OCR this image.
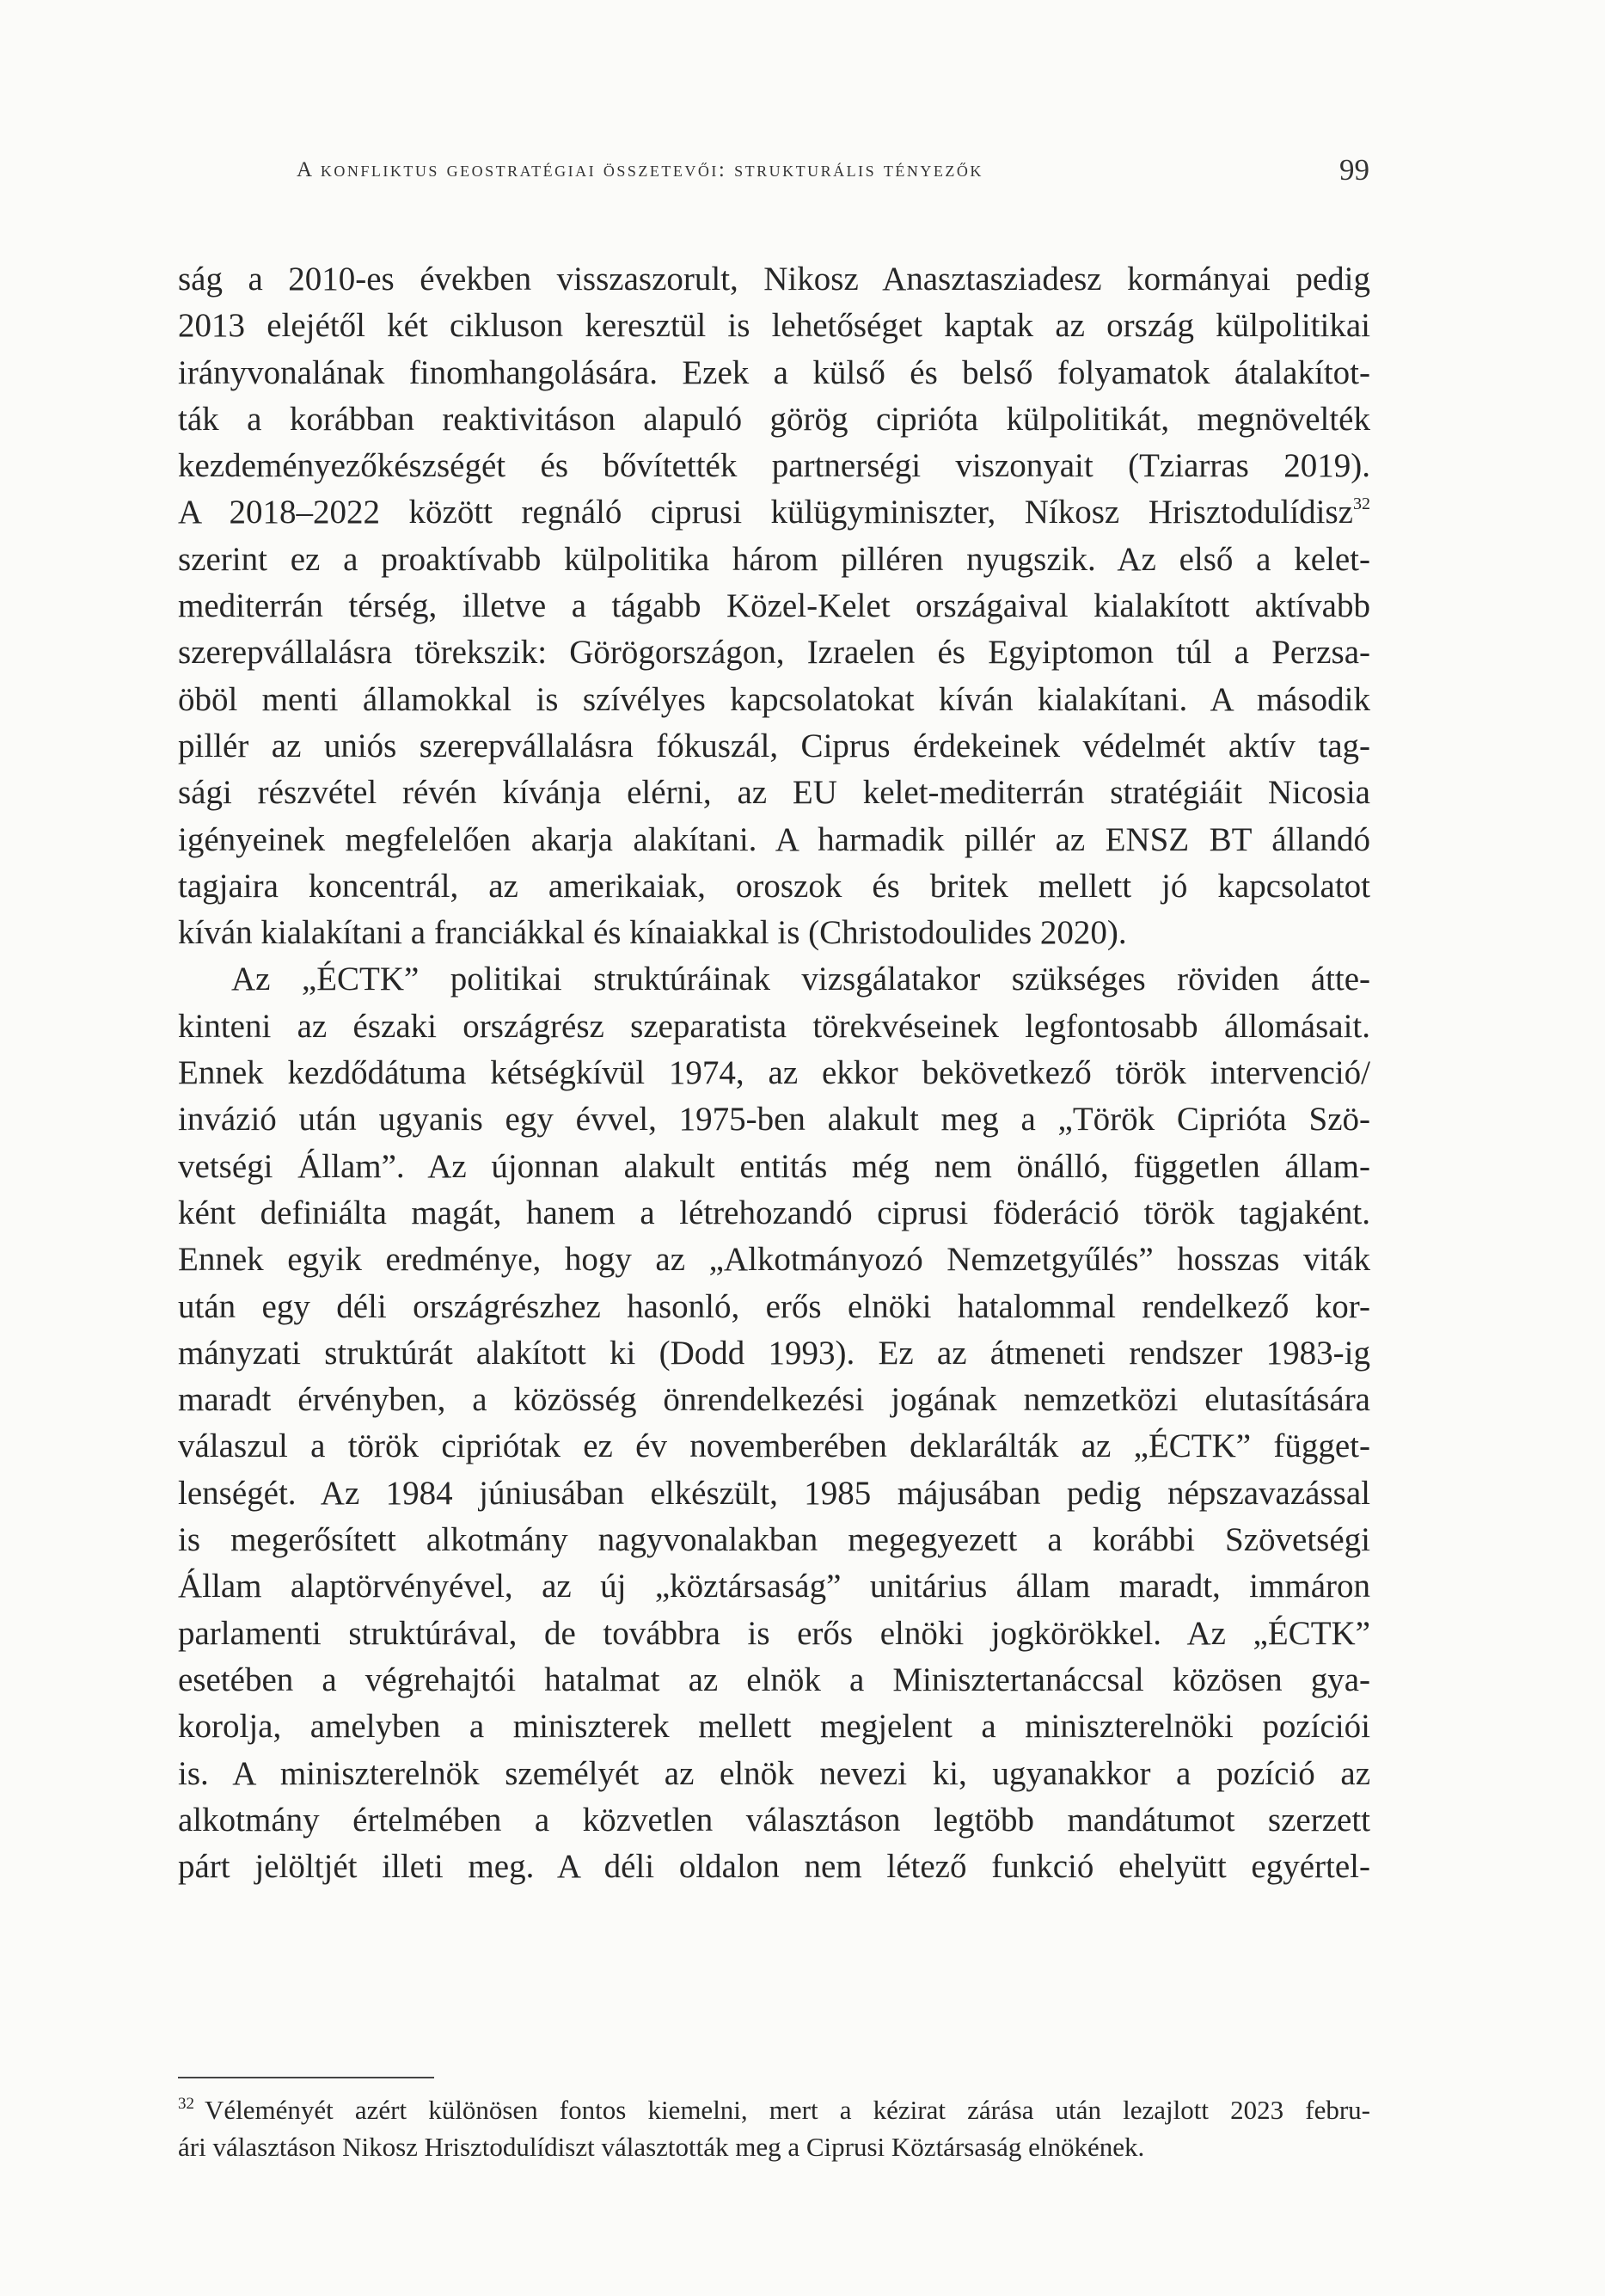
A konfliktus geostratégiai összetevői: strukturális tényezők	99
ság a 2010-es években visszaszorult, Nikosz Anasztasziadesz kormányai pedig
2013 elejétől két cikluson keresztül is lehetőséget kaptak az ország külpolitikai
irányvonalának finomhangolására. Ezek a külső és belső folyamatok átalakítot-
ták a korábban reaktivitáson alapuló görög ciprióta külpolitikát, megnövelték
kezdeményezőkészségét és bővítették partnerségi viszonyait (Tziarras 2019).
A 2018–2022 között regnáló ciprusi külügyminiszter, Níkosz Hrisztodulídisz$^{32}$
szerint ez a proaktívabb külpolitika három pilléren nyugszik. Az első a kelet-
mediterrán térség, illetve a tágabb Közel-Kelet országaival kialakított aktívabb
szerepvállalásra törekszik: Görögországon, Izraelen és Egyiptomon túl a Perzsa-
öböl menti államokkal is szívélyes kapcsolatokat kíván kialakítani. A második
pillér az uniós szerepvállalásra fókuszál, Ciprus érdekeinek védelmét aktív tag-
sági részvétel révén kívánja elérni, az EU kelet-mediterrán stratégiáit Nicosia
igényeinek megfelelően akarja alakítani. A harmadik pillér az ENSZ BT állandó
tagjaira koncentrál, az amerikaiak, oroszok és britek mellett jó kapcsolatot
kíván kialakítani a franciákkal és kínaiakkal is (Christodoulides 2020).
Az „ÉCTK” politikai struktúráinak vizsgálatakor szükséges röviden átte-
kinteni az északi országrész szeparatista törekvéseinek legfontosabb állomásait.
Ennek kezdődátuma kétségkívül 1974, az ekkor bekövetkező török intervenció/
invázió után ugyanis egy évvel, 1975-ben alakult meg a „Török Ciprióta Szö-
vetségi Állam”. Az újonnan alakult entitás még nem önálló, független állam-
ként definiálta magát, hanem a létrehozandó ciprusi föderáció török tagjaként.
Ennek egyik eredménye, hogy az „Alkotmányozó Nemzetgyűlés” hosszas viták
után egy déli országrészhez hasonló, erős elnöki hatalommal rendelkező kor-
mányzati struktúrát alakított ki (Dodd 1993). Ez az átmeneti rendszer 1983-ig
maradt érvényben, a közösség önrendelkezési jogának nemzetközi elutasítására
válaszul a török cipriótak ez év novemberében deklarálták az „ÉCTK” függet-
lenségét. Az 1984 júniusában elkészült, 1985 májusában pedig népszavazással
is megerősített alkotmány nagyvonalakban megegyezett a korábbi Szövetségi
Állam alaptörvényével, az új „köztársaság” unitárius állam maradt, immáron
parlamenti struktúrával, de továbbra is erős elnöki jogkörökkel. Az „ÉCTK”
esetében a végrehajtói hatalmat az elnök a Minisztertanáccsal közösen gya-
korolja, amelyben a miniszterek mellett megjelent a miniszterelnöki pozíciói
is. A miniszterelnök személyét az elnök nevezi ki, ugyanakkor a pozíció az
alkotmány értelmében a közvetlen választáson legtöbb mandátumot szerzett
párt jelöltjét illeti meg. A déli oldalon nem létező funkció ehelyütt egyértel-
$^{32}$ Véleményét azért különösen fontos kiemelni, mert a kézirat zárása után lezajlott 2023 febru-
ári választáson Nikosz Hrisztodulídiszt választották meg a Ciprusi Köztársaság elnökének.
